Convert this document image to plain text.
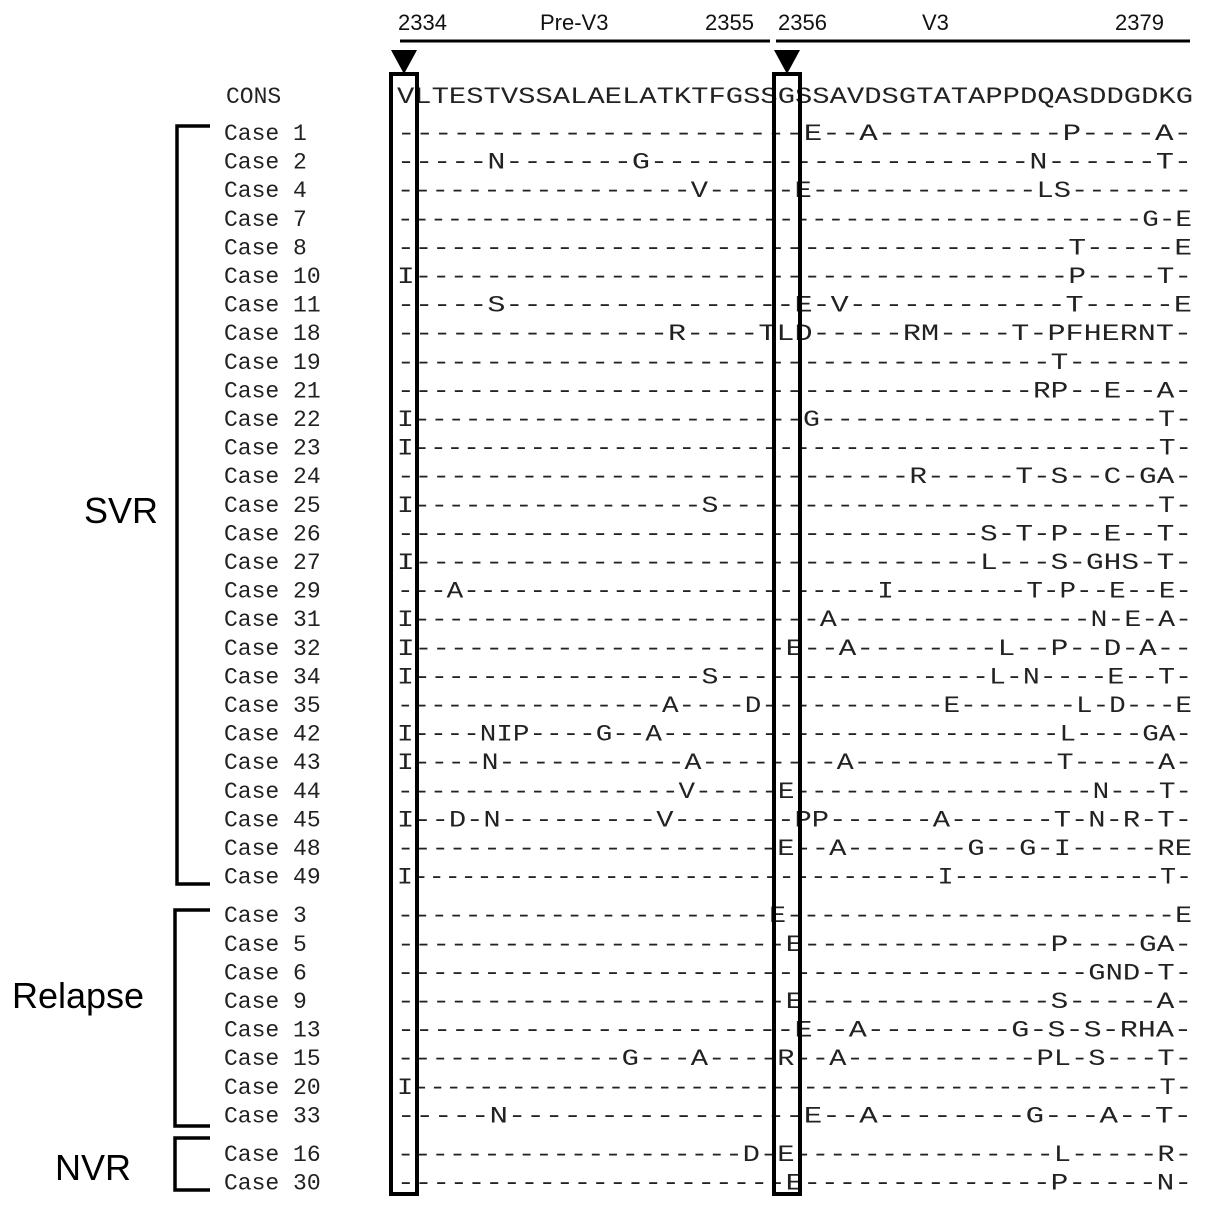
2334	Pre-V3	2355 2356	V3	2379
CONS	VLTESTVSSALAELATKTFGSSGSSAVDSGTATAPPDQASDDGDKG
Case 1	----------------------E--A----------P----A-
Case 2	-----N-------G---------------------N------T-
Case 4	-----------------V-----E-------------LS-------
Case 7	---------------------------------------------G-E
Case 8	--------------------------------------T-----E
Case 10	I-------------------------------------P----T-
Case 11	-----S----------------E-V------------T-----E
Case 18	---------------R----TLD-----RM----T-PFHERNT-
Case 19	-------------------------------------T-------
Case 21	------------------------------------RP--E--A-
Case 22	I-----------------------G--------------------T-
Case 23	I---------------------------------------------T-
Case 24	-----------------------------R-----T-S--C-GA-
Case 25	I-----------------S--------------------------T-
Case 26	---------------------------------S-T-P--E--T-
Case 27	I--------------------------------L---S-GHS-T-
Case 29	---A-------------------------I--------T-P--E--E-
Case 31	I------------------------A---------------N-E-A-
Case 32	I---------------------E--A--------L--P--D-A--
Case 34	I-----------------S----------------L-N----E--T-
Case 35	----------------A----D-----------E-------L-D---E
Case 42	I----NIP----G--A------------------------L----GA-
Case 43	I----N-----------A--------A------------T-----A-
Case 44	-----------------V-----E------------------N---T-
Case 45	I--D-N---------V-------PP------A------T-N-R-T-
Case 48	----------------------E--A-------G--G-I-----RE
Case 49	I---------------------------------I-------------T-
Case 3	----------------------E-----------------------E
Case 5	----------------------E--------------P----GA-
Case 6	----------------------------------------GND-T-
Case 9	----------------------E--------------S-----A-
Case 13	----------------------E--A--------G-S-S-RHA-
Case 15	-------------G---A----R--A-----------PL-S---T-
Case 20	I----------------------------------------------T-
Case 33	-----N----------------E--A--------G---A--T-
Case 16	--------------------D-E---------------L-----R-
Case 30	----------------------E--------------P-----N-
SVR
Relapse
NVR
